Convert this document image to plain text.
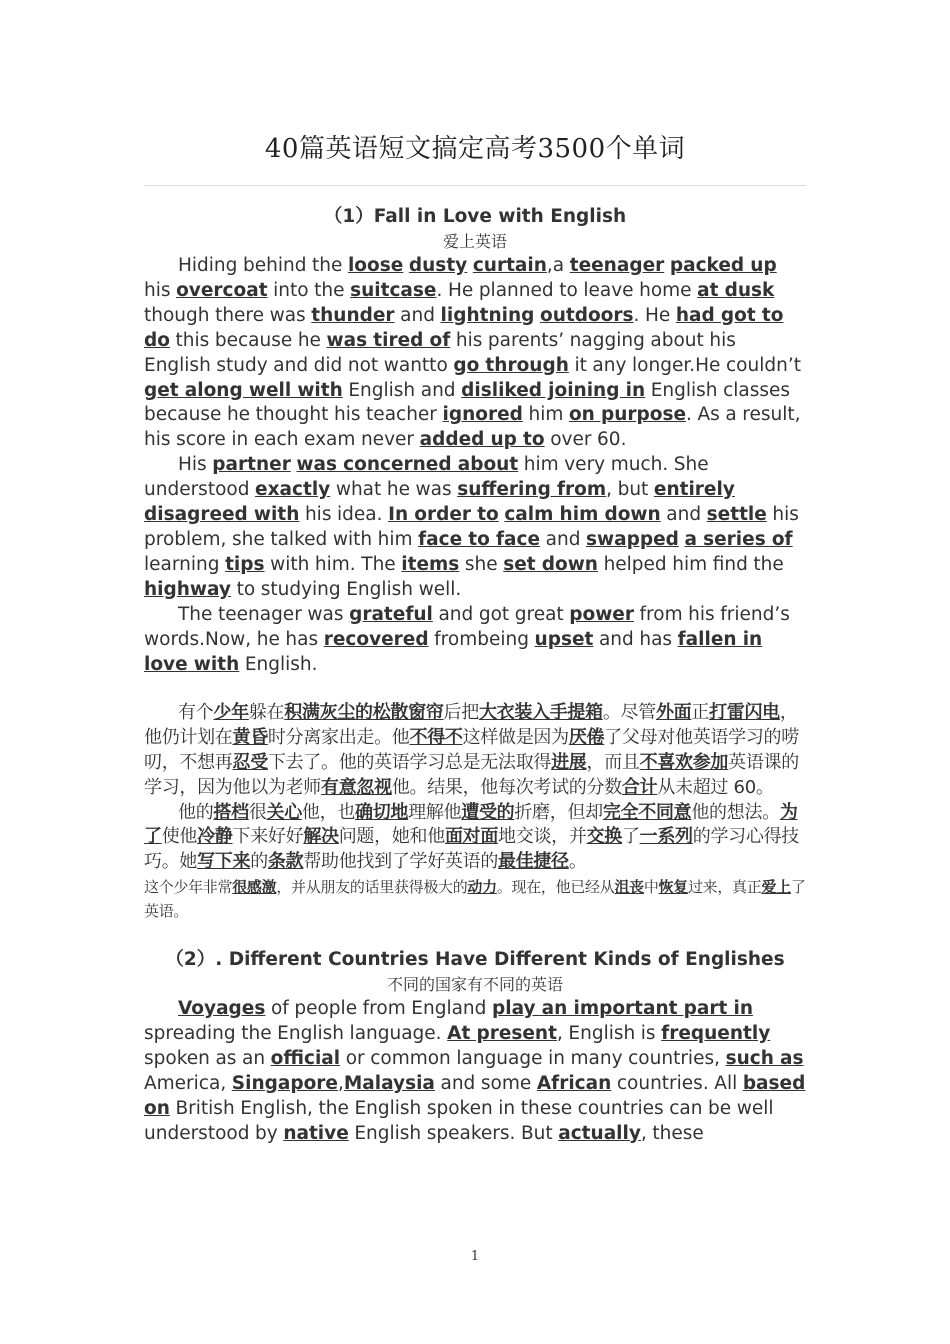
40篇英语短文搞定高考3500个单词
（1）Fall in Love with English
爱上英语

Hiding behind the loose dusty curtain,a teenager packed up his overcoat into the suitcase. He planned to leave home at dusk though there was thunder and lightning outdoors. He had got to do this because he was tired of his parents’ nagging about his English study and did not wantto go through it any longer.He couldn’t get along well with English and disliked joining in English classes because he thought his teacher ignored him on purpose. As a result, his score in each exam never added up to over 60.

His partner was concerned about him very much. She understood exactly what he was suffering from, but entirely disagreed with his idea. In order to calm him down and settle his problem, she talked with him face to face and swapped a series of learning tips with him. The items she set down helped him find the highway to studying English well.

The teenager was grateful and got great power from his friend’s words.Now, he has recovered frombeing upset and has fallen in love with English.

有个少年躲在积满灰尘的松散窗帘后把大衣装入手提箱。尽管外面正打雷闪电，他仍计划在黄昏时分离家出走。他不得不这样做是因为厌倦了父母对他英语学习的唠叨，不想再忍受下去了。他的英语学习总是无法取得进展，而且不喜欢参加英语课的学习，因为他以为老师有意忽视他。结果，他每次考试的分数合计从未超过 60。

他的搭档很关心他，也确切地理解他遭受的折磨，但却完全不同意他的想法。为了使他冷静下来好好解决问题，她和他面对面地交谈，并交换了一系列的学习心得技巧。她写下来的条款帮助他找到了学好英语的最佳捷径。

这个少年非常很感激，并从朋友的话里获得极大的动力。现在，他已经从沮丧中恢复过来，真正爱上了英语。

（2）. Different Countries Have Different Kinds of Englishes
不同的国家有不同的英语

Voyages of people from England play an important part in spreading the English language. At present, English is frequently spoken as an official or common language in many countries, such as America, Singapore,Malaysia and some African countries. All based on British English, the English spoken in these countries can be well understood by native English speakers. But actually, these

1
